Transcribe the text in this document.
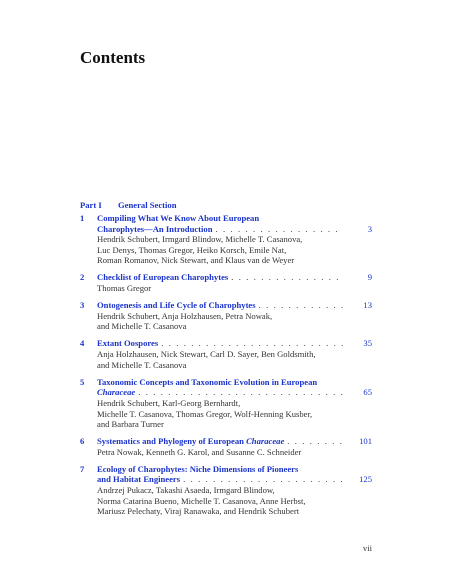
Contents
Part I General Section
1 Compiling What We Know About European
Charophytes—An Introduction . . .	3
Hendrik Schubert, Irmgard Blindow, Michelle T. Casanova,
Luc Denys, Thomas Gregor, Heiko Korsch, Emile Nat,
Roman Romanov, Nick Stewart, and Klaus van de Weyer
2 Checklist of European Charophytes . . .	9
Thomas Gregor
3 Ontogenesis and Life Cycle of Charophytes . . .	13
Hendrik Schubert, Anja Holzhausen, Petra Nowak,
and Michelle T. Casanova
4 Extant Oospores . . .	35
Anja Holzhausen, Nick Stewart, Carl D. Sayer, Ben Goldsmith,
and Michelle T. Casanova
5 Taxonomic Concepts and Taxonomic Evolution in European
Characeae . . .	65
Hendrik Schubert, Karl-Georg Bernhardt,
Michelle T. Casanova, Thomas Gregor, Wolf-Henning Kusber,
and Barbara Turner
6 Systematics and Phylogeny of European Characeae . . .	101
Petra Nowak, Kenneth G. Karol, and Susanne C. Schneider
7 Ecology of Charophytes: Niche Dimensions of Pioneers
and Habitat Engineers . . .	125
Andrzej Pukacz, Takashi Asaeda, Irmgard Blindow,
Norma Catarina Bueno, Michelle T. Casanova, Anne Herbst,
Mariusz Pelechaty, Viraj Ranawaka, and Hendrik Schubert
vii
